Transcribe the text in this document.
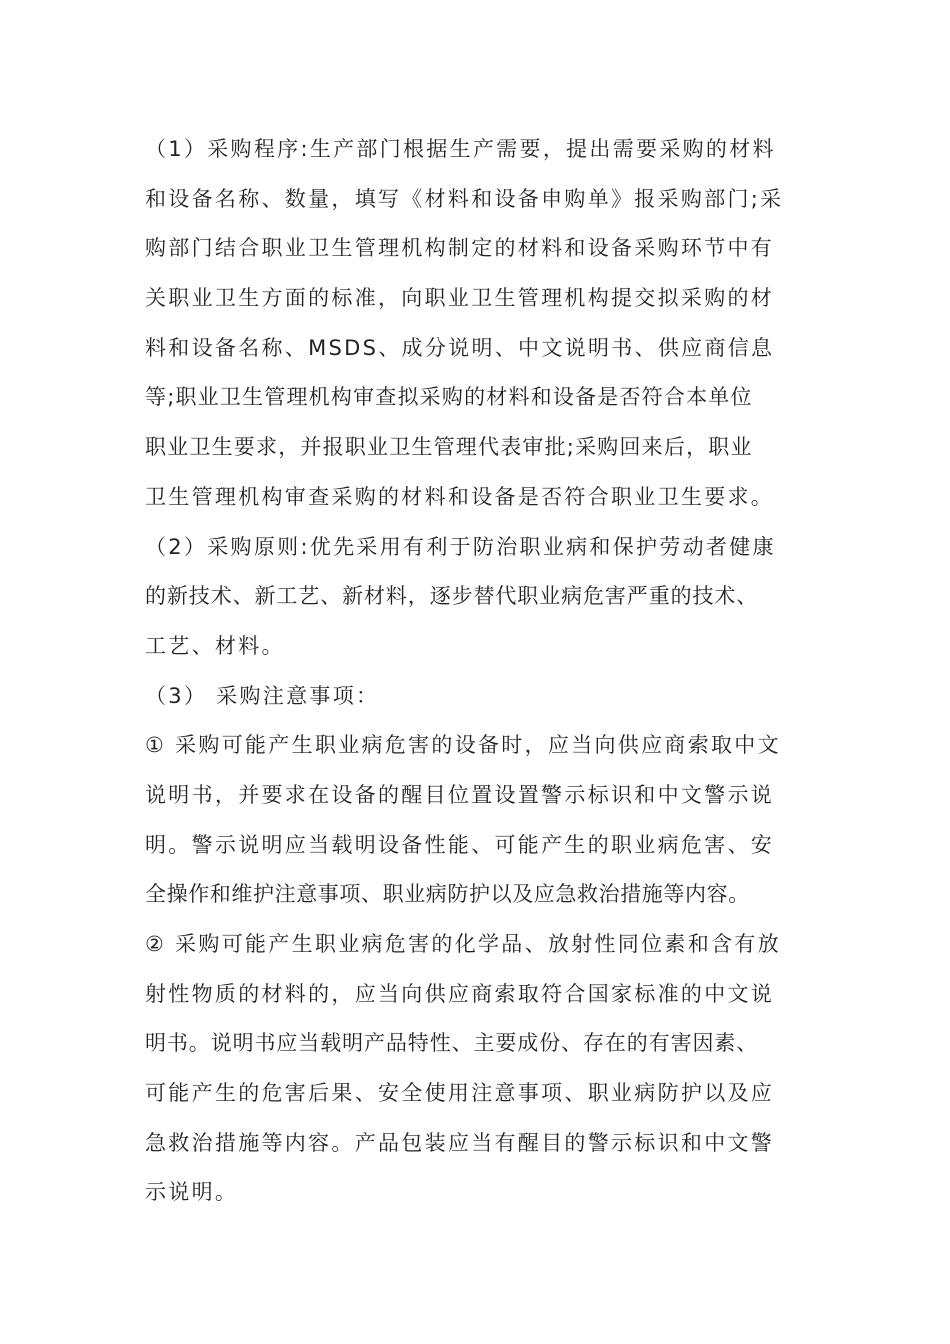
（1）采购程序:生产部门根据生产需要，提出需要采购的材料
和设备名称、数量，填写《材料和设备申购单》报采购部门;采
购部门结合职业卫生管理机构制定的材料和设备采购环节中有
关职业卫生方面的标准，向职业卫生管理机构提交拟采购的材
料和设备名称、MSDS、成分说明、中文说明书、供应商信息
等;职业卫生管理机构审查拟采购的材料和设备是否符合本单位
职业卫生要求，并报职业卫生管理代表审批;采购回来后，职业
卫生管理机构审查采购的材料和设备是否符合职业卫生要求。
（2）采购原则:优先采用有利于防治职业病和保护劳动者健康
的新技术、新工艺、新材料，逐步替代职业病危害严重的技术、
工艺、材料。
（3） 采购注意事项：
① 采购可能产生职业病危害的设备时，应当向供应商索取中文
说明书，并要求在设备的醒目位置设置警示标识和中文警示说
明。警示说明应当载明设备性能、可能产生的职业病危害、安
全操作和维护注意事项、职业病防护以及应急救治措施等内容。
② 采购可能产生职业病危害的化学品、放射性同位素和含有放
射性物质的材料的，应当向供应商索取符合国家标准的中文说
明书。说明书应当载明产品特性、主要成份、存在的有害因素、
可能产生的危害后果、安全使用注意事项、职业病防护以及应
急救治措施等内容。产品包装应当有醒目的警示标识和中文警
示说明。
